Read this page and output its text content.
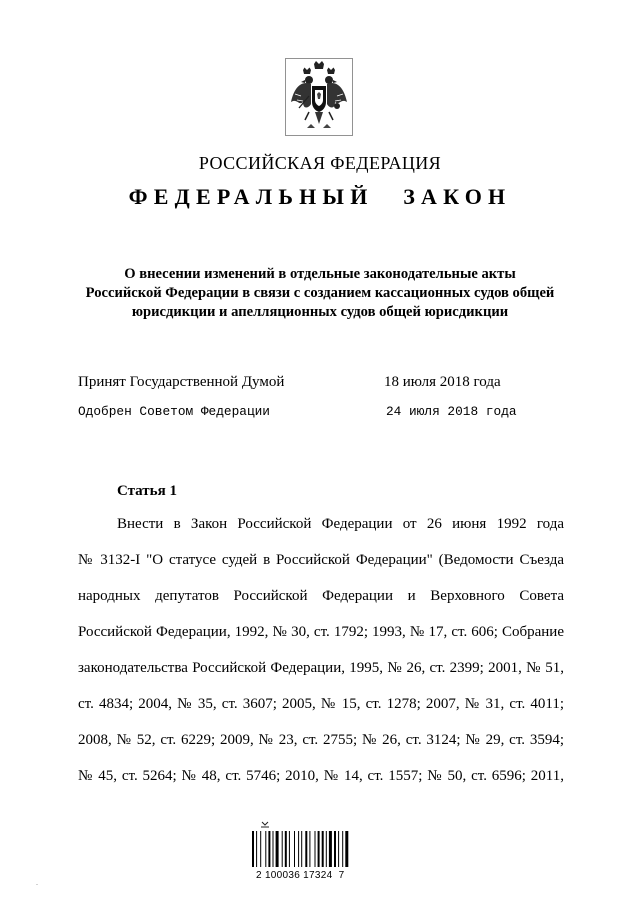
РОССИЙСКАЯ ФЕДЕРАЦИЯ
ФЕДЕРАЛЬНЫЙ ЗАКОН
О внесении изменений в отдельные законодательные акты
Российской Федерации в связи с созданием кассационных судов общей
юрисдикции и апелляционных судов общей юрисдикции
Принят Государственной Думой	18 июля 2018 года
Одобрен Советом Федерации	24 июля 2018 года
Статья 1
Внести в Закон Российской Федерации от 26 июня 1992 года
№ 3132-I "О статусе судей в Российской Федерации" (Ведомости Съезда
народных депутатов Российской Федерации и Верховного Совета
Российской Федерации, 1992, № 30, ст. 1792; 1993, № 17, ст. 606; Собрание
законодательства Российской Федерации, 1995, № 26, ст. 2399; 2001, № 51,
ст. 4834; 2004, № 35, ст. 3607; 2005, № 15, ст. 1278; 2007, № 31, ст. 4011;
2008, № 52, ст. 6229; 2009, № 23, ст. 2755; № 26, ст. 3124; № 29, ст. 3594;
№ 45, ст. 5264; № 48, ст. 5746; 2010, № 14, ст. 1557; № 50, ст. 6596; 2011,
2 100036 17324  7
.
